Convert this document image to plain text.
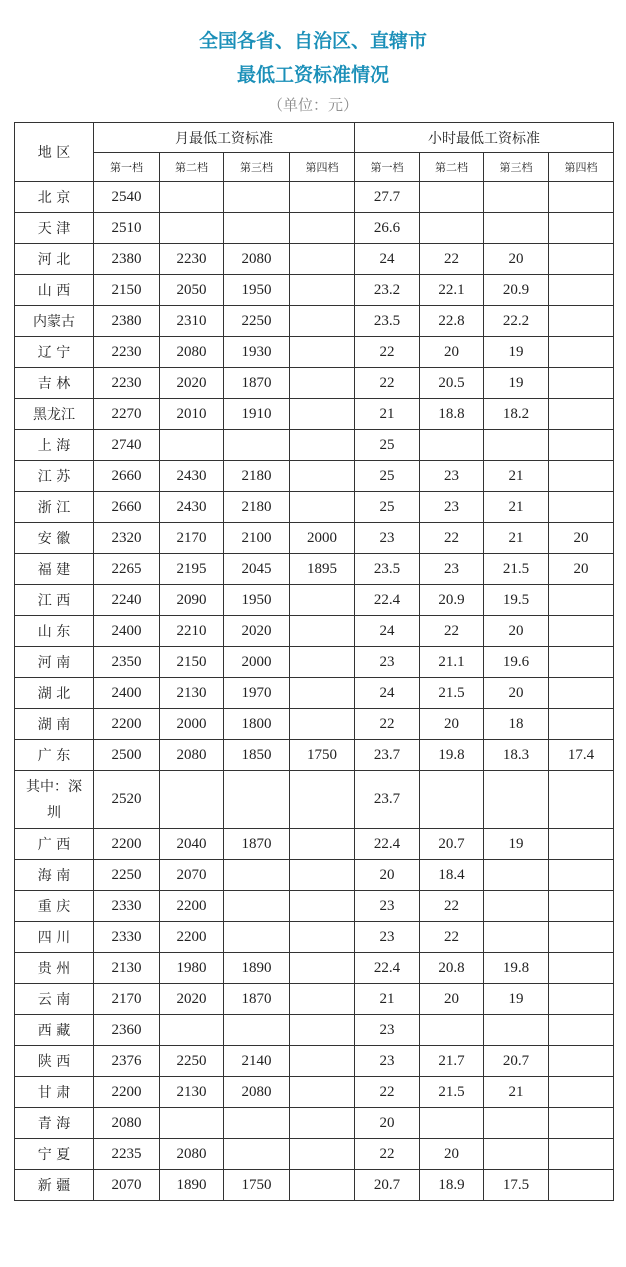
全国各省、自治区、直辖市
最低工资标准情况
（单位：元）
地 区	月最低工资标准				小时最低工资标准			
	第一档	第二档	第三档	第四档	第一档	第二档	第三档	第四档
北 京	2540				27.7			
天 津	2510				26.6			
河 北	2380	2230	2080		24	22	20	
山 西	2150	2050	1950		23.2	22.1	20.9	
内蒙古	2380	2310	2250		23.5	22.8	22.2	
辽 宁	2230	2080	1930		22	20	19	
吉 林	2230	2020	1870		22	20.5	19	
黑龙江	2270	2010	1910		21	18.8	18.2	
上 海	2740				25			
江 苏	2660	2430	2180		25	23	21	
浙 江	2660	2430	2180		25	23	21	
安 徽	2320	2170	2100	2000	23	22	21	20
福 建	2265	2195	2045	1895	23.5	23	21.5	20
江 西	2240	2090	1950		22.4	20.9	19.5	
山 东	2400	2210	2020		24	22	20	
河 南	2350	2150	2000		23	21.1	19.6	
湖 北	2400	2130	1970		24	21.5	20	
湖 南	2200	2000	1800		22	20	18	
广 东	2500	2080	1850	1750	23.7	19.8	18.3	17.4
其中：深圳	2520				23.7			
广 西	2200	2040	1870		22.4	20.7	19	
海 南	2250	2070			20	18.4		
重 庆	2330	2200			23	22		
四 川	2330	2200			23	22		
贵 州	2130	1980	1890		22.4	20.8	19.8	
云 南	2170	2020	1870		21	20	19	
西 藏	2360				23			
陕 西	2376	2250	2140		23	21.7	20.7	
甘 肃	2200	2130	2080		22	21.5	21	
青 海	2080				20			
宁 夏	2235	2080			22	20		
新 疆	2070	1890	1750		20.7	18.9	17.5	
